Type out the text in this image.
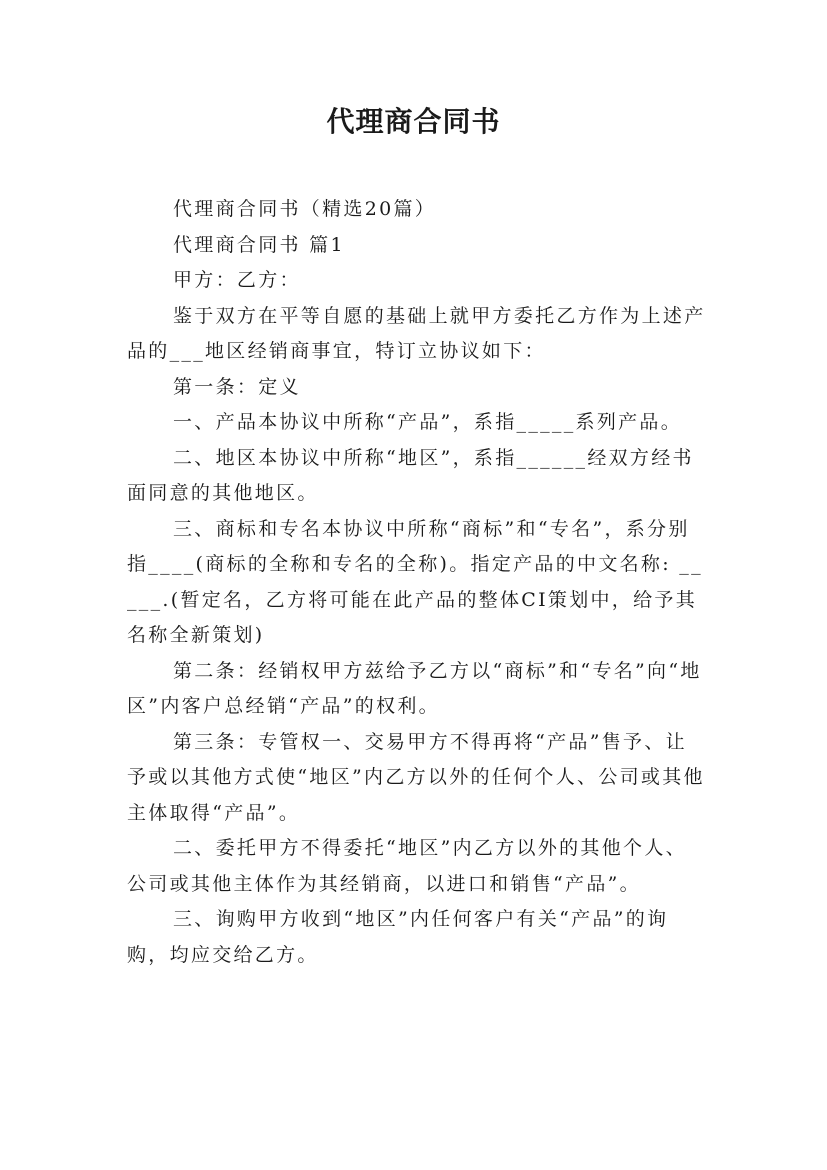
代理商合同书

代理商合同书（精选20篇）

代理商合同书 篇1

甲方：乙方：

鉴于双方在平等自愿的基础上就甲方委托乙方作为上述产品的___地区经销商事宜，特订立协议如下：

第一条：定义

一、产品本协议中所称“产品”，系指_____系列产品。

二、地区本协议中所称“地区”，系指______经双方经书面同意的其他地区。

三、商标和专名本协议中所称“商标”和“专名”，系分别指____(商标的全称和专名的全称)。指定产品的中文名称: _____.(暂定名，乙方将可能在此产品的整体CI策划中，给予其名称全新策划)

第二条：经销权甲方兹给予乙方以“商标”和“专名”向“地区”内客户总经销“产品”的权利。

第三条：专管权一、交易甲方不得再将“产品”售予、让予或以其他方式使“地区”内乙方以外的任何个人、公司或其他主体取得“产品”。

二、委托甲方不得委托“地区”内乙方以外的其他个人、公司或其他主体作为其经销商，以进口和销售“产品”。

三、询购甲方收到“地区”内任何客户有关“产品”的询购，均应交给乙方。
